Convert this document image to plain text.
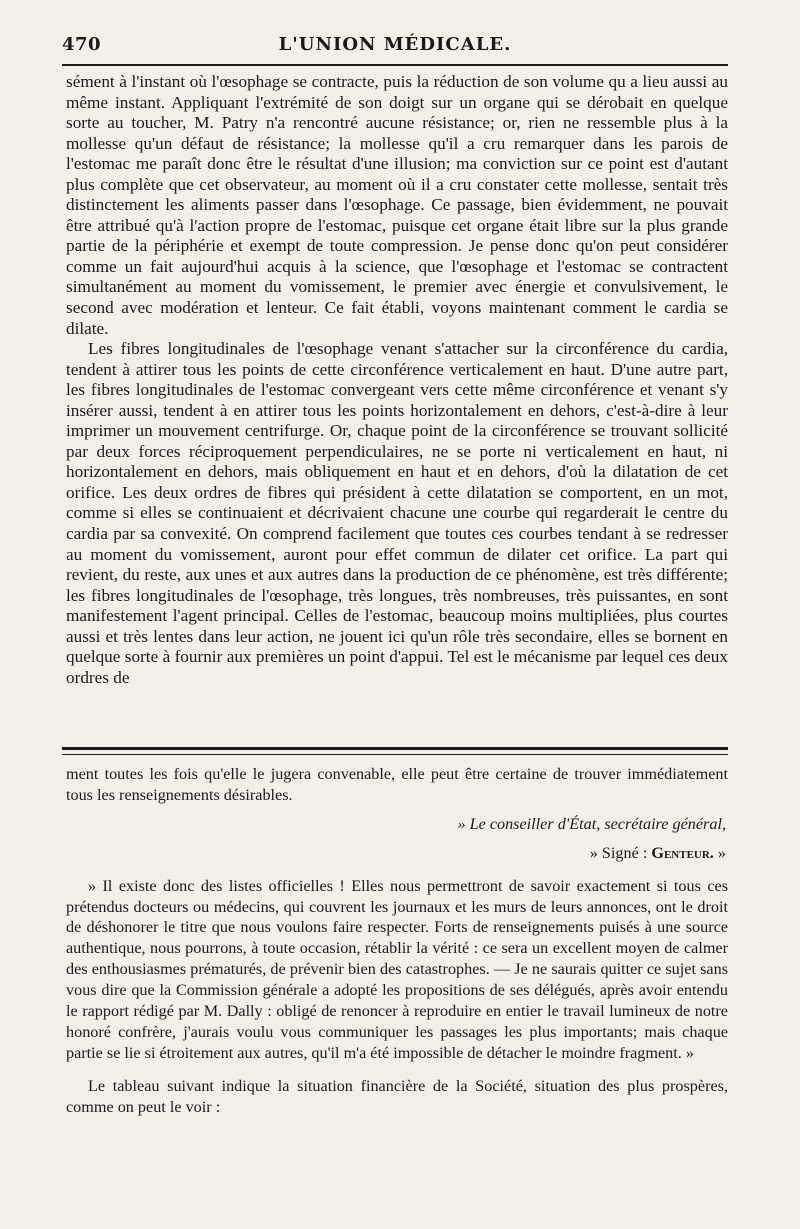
470	L'UNION MÉDICALE.

sément à l'instant où l'œsophage se contracte, puis la réduction de son volume qu a lieu aussi au même instant. Appliquant l'extrémité de son doigt sur un organe qui se dérobait en quelque sorte au toucher, M. Patry n'a rencontré aucune résistance; or, rien ne ressemble plus à la mollesse qu'un défaut de résistance; la mollesse qu'il a cru remarquer dans les parois de l'estomac me paraît donc être le résultat d'une illusion; ma conviction sur ce point est d'autant plus complète que cet observateur, au moment où il a cru constater cette mollesse, sentait très distinctement les aliments passer dans l'œsophage. Ce passage, bien évidemment, ne pouvait être attribué qu'à l'action propre de l'estomac, puisque cet organe était libre sur la plus grande partie de la périphérie et exempt de toute compression. Je pense donc qu'on peut considérer comme un fait aujourd'hui acquis à la science, que l'œsophage et l'estomac se contractent simultanément au moment du vomissement, le premier avec énergie et convulsivement, le second avec modération et lenteur. Ce fait établi, voyons maintenant comment le cardia se dilate.

Les fibres longitudinales de l'œsophage venant s'attacher sur la circonférence du cardia, tendent à attirer tous les points de cette circonférence verticalement en haut. D'une autre part, les fibres longitudinales de l'estomac convergeant vers cette même circonférence et venant s'y insérer aussi, tendent à en attirer tous les points horizontalement en dehors, c'est-à-dire à leur imprimer un mouvement centrifurge. Or, chaque point de la circonférence se trouvant sollicité par deux forces réciproquement perpendiculaires, ne se porte ni verticalement en haut, ni horizontalement en dehors, mais obliquement en haut et en dehors, d'où la dilatation de cet orifice. Les deux ordres de fibres qui président à cette dilatation se comportent, en un mot, comme si elles se continuaient et décrivaient chacune une courbe qui regarderait le centre du cardia par sa convexité. On comprend facilement que toutes ces courbes tendant à se redresser au moment du vomissement, auront pour effet commun de dilater cet orifice. La part qui revient, du reste, aux unes et aux autres dans la production de ce phénomène, est très différente; les fibres longitudinales de l'œsophage, très longues, très nombreuses, très puissantes, en sont manifestement l'agent principal. Celles de l'estomac, beaucoup moins multipliées, plus courtes aussi et très lentes dans leur action, ne jouent ici qu'un rôle très secondaire, elles se bornent en quelque sorte à fournir aux premières un point d'appui. Tel est le mécanisme par lequel ces deux ordres de

ment toutes les fois qu'elle le jugera convenable, elle peut être certaine de trouver immédiatement tous les renseignements désirables.

» Le conseiller d'État, secrétaire général,

» Signé : Genteur. »

» Il existe donc des listes officielles ! Elles nous permettront de savoir exactement si tous ces prétendus docteurs ou médecins, qui couvrent les journaux et les murs de leurs annonces, ont le droit de déshonorer le titre que nous voulons faire respecter. Forts de renseignements puisés à une source authentique, nous pourrons, à toute occasion, rétablir la vérité : ce sera un excellent moyen de calmer des enthousiasmes prématurés, de prévenir bien des catastrophes. — Je ne saurais quitter ce sujet sans vous dire que la Commission générale a adopté les propositions de ses délégués, après avoir entendu le rapport rédigé par M. Dally : obligé de renoncer à reproduire en entier le travail lumineux de notre honoré confrère, j'aurais voulu vous communiquer les passages les plus importants; mais chaque partie se lie si étroitement aux autres, qu'il m'a été impossible de détacher le moindre fragment. »

Le tableau suivant indique la situation financière de la Société, situation des plus prospères, comme on peut le voir :
